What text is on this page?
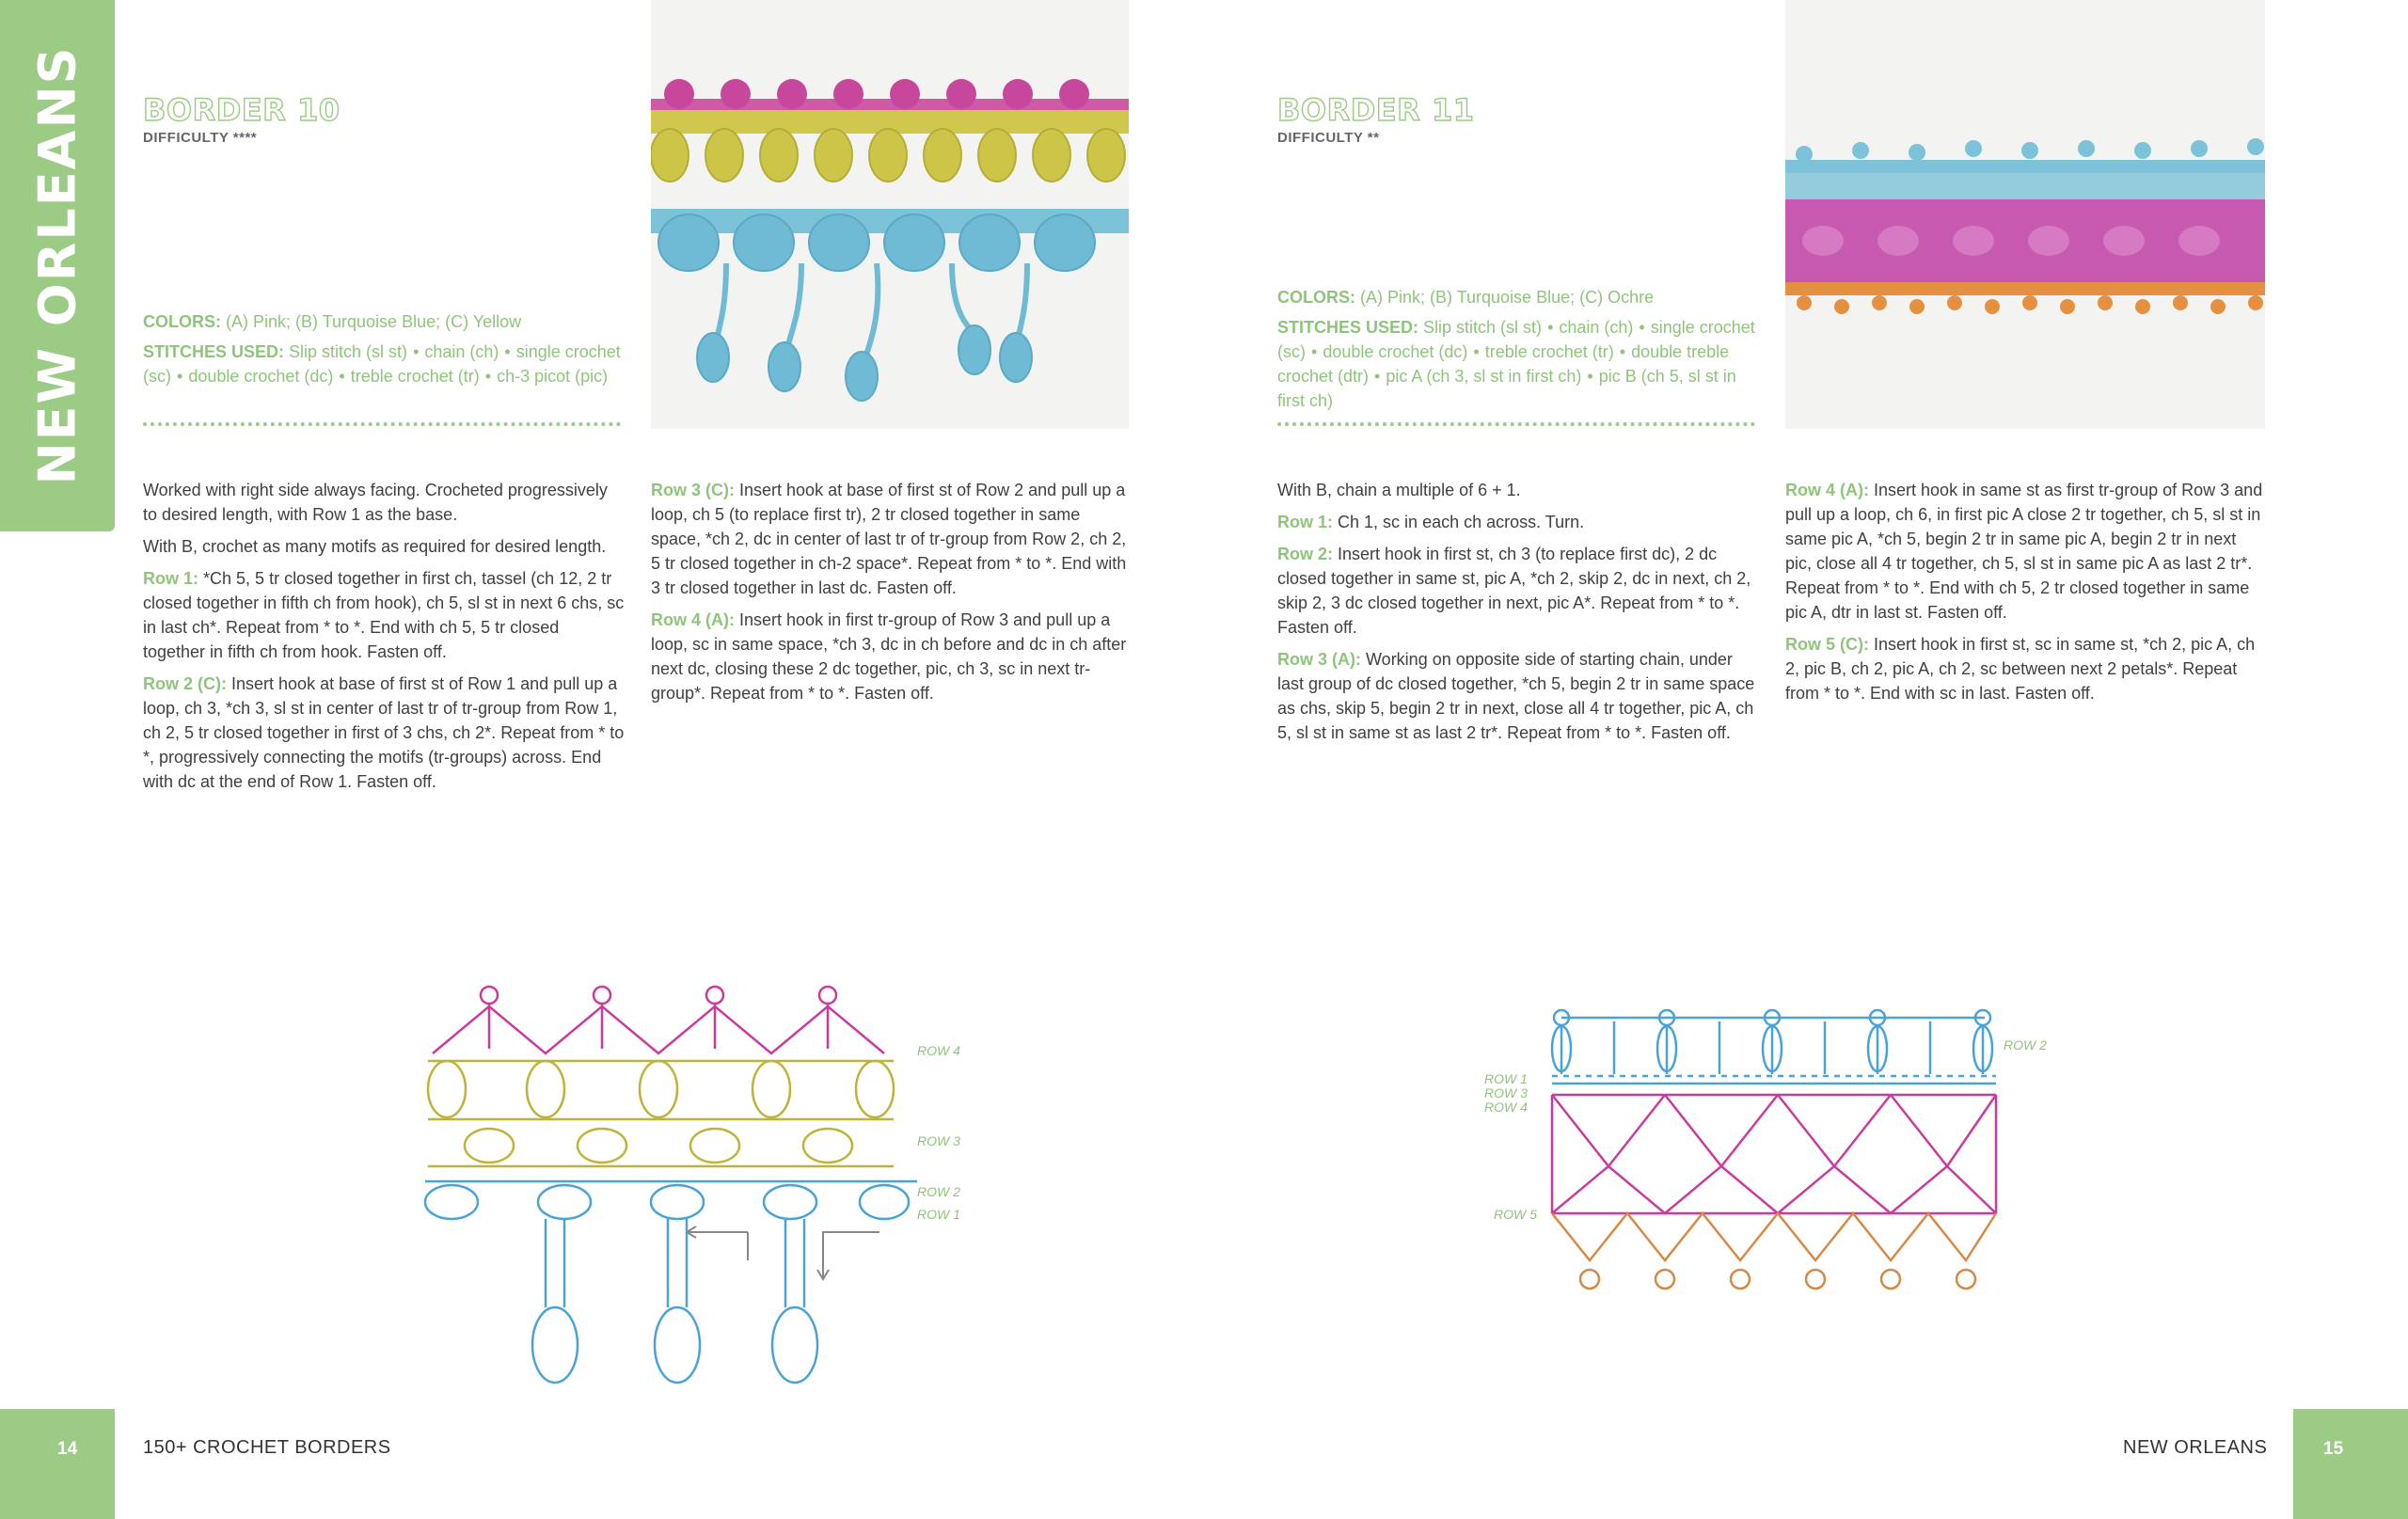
NEW ORLEANS BORDER 10
DIFFICULTY ****

COLORS: (A) Pink; (B) Turquoise Blue; (C) Yellow

STITCHES USED: Slip stitch (sl st) • chain (ch) • single crochet (sc) • double crochet (dc) • treble crochet (tr) • ch-3 picot (pic)

Worked with right side always facing. Crocheted progressively to desired length, with Row 1 as the base.

With B, crochet as many motifs as required for desired length.

Row 1: *Ch 5, 5 tr closed together in first ch, tassel (ch 12, 2 tr closed together in fifth ch from hook), ch 5, sl st in next 6 chs, sc in last ch*. Repeat from * to *. End with ch 5, 5 tr closed together in fifth ch from hook. Fasten off.

Row 2 (C): Insert hook at base of first st of Row 1 and pull up a loop, ch 3, *ch 3, sl st in center of last tr of tr-group from Row 1, ch 2, 5 tr closed together in first of 3 chs, ch 2*. Repeat from * to *, progressively connecting the motifs (tr-groups) across. End with dc at the end of Row 1. Fasten off.

Row 3 (C): Insert hook at base of first st of Row 2 and pull up a loop, ch 5 (to replace first tr), 2 tr closed together in same space, *ch 2, dc in center of last tr of tr-group from Row 2, ch 2, 5 tr closed together in ch-2 space*. Repeat from * to *. End with 3 tr closed together in last dc. Fasten off.

Row 4 (A): Insert hook in first tr-group of Row 3 and pull up a loop, sc in same space, *ch 3, dc in ch before and dc in ch after next dc, closing these 2 dc together, pic, ch 3, sc in next tr-group*. Repeat from * to *. Fasten off.

ROW 4
ROW 3
ROW 2
ROW 1
BORDER 11
DIFFICULTY **

COLORS: (A) Pink; (B) Turquoise Blue; (C) Ochre

STITCHES USED: Slip stitch (sl st) • chain (ch) • single crochet (sc) • double crochet (dc) • treble crochet (tr) • double treble crochet (dtr) • pic A (ch 3, sl st in first ch) • pic B (ch 5, sl st in first ch)

With B, chain a multiple of 6 + 1.

Row 1: Ch 1, sc in each ch across. Turn.

Row 2: Insert hook in first st, ch 3 (to replace first dc), 2 dc closed together in same st, pic A, *ch 2, skip 2, dc in next, ch 2, skip 2, 3 dc closed together in next, pic A*. Repeat from * to *. Fasten off.

Row 3 (A): Working on opposite side of starting chain, under last group of dc closed together, *ch 5, begin 2 tr in same space as chs, skip 5, begin 2 tr in next, close all 4 tr together, pic A, ch 5, sl st in same st as last 2 tr*. Repeat from * to *. Fasten off.

Row 4 (A): Insert hook in same st as first tr-group of Row 3 and pull up a loop, ch 6, in first pic A close 2 tr together, ch 5, sl st in same pic A, *ch 5, begin 2 tr in same pic A, begin 2 tr in next pic, close all 4 tr together, ch 5, sl st in same pic A as last 2 tr*. Repeat from * to *. End with ch 5, 2 tr closed together in same pic A, dtr in last st. Fasten off.

Row 5 (C): Insert hook in first st, sc in same st, *ch 2, pic A, ch 2, pic B, ch 2, pic A, ch 2, sc between next 2 petals*. Repeat from * to *. End with sc in last. Fasten off.

ROW 2
ROW 1
ROW 3
ROW 4
ROW 5
14	150+ CROCHET BORDERS	NEW ORLEANS	15
